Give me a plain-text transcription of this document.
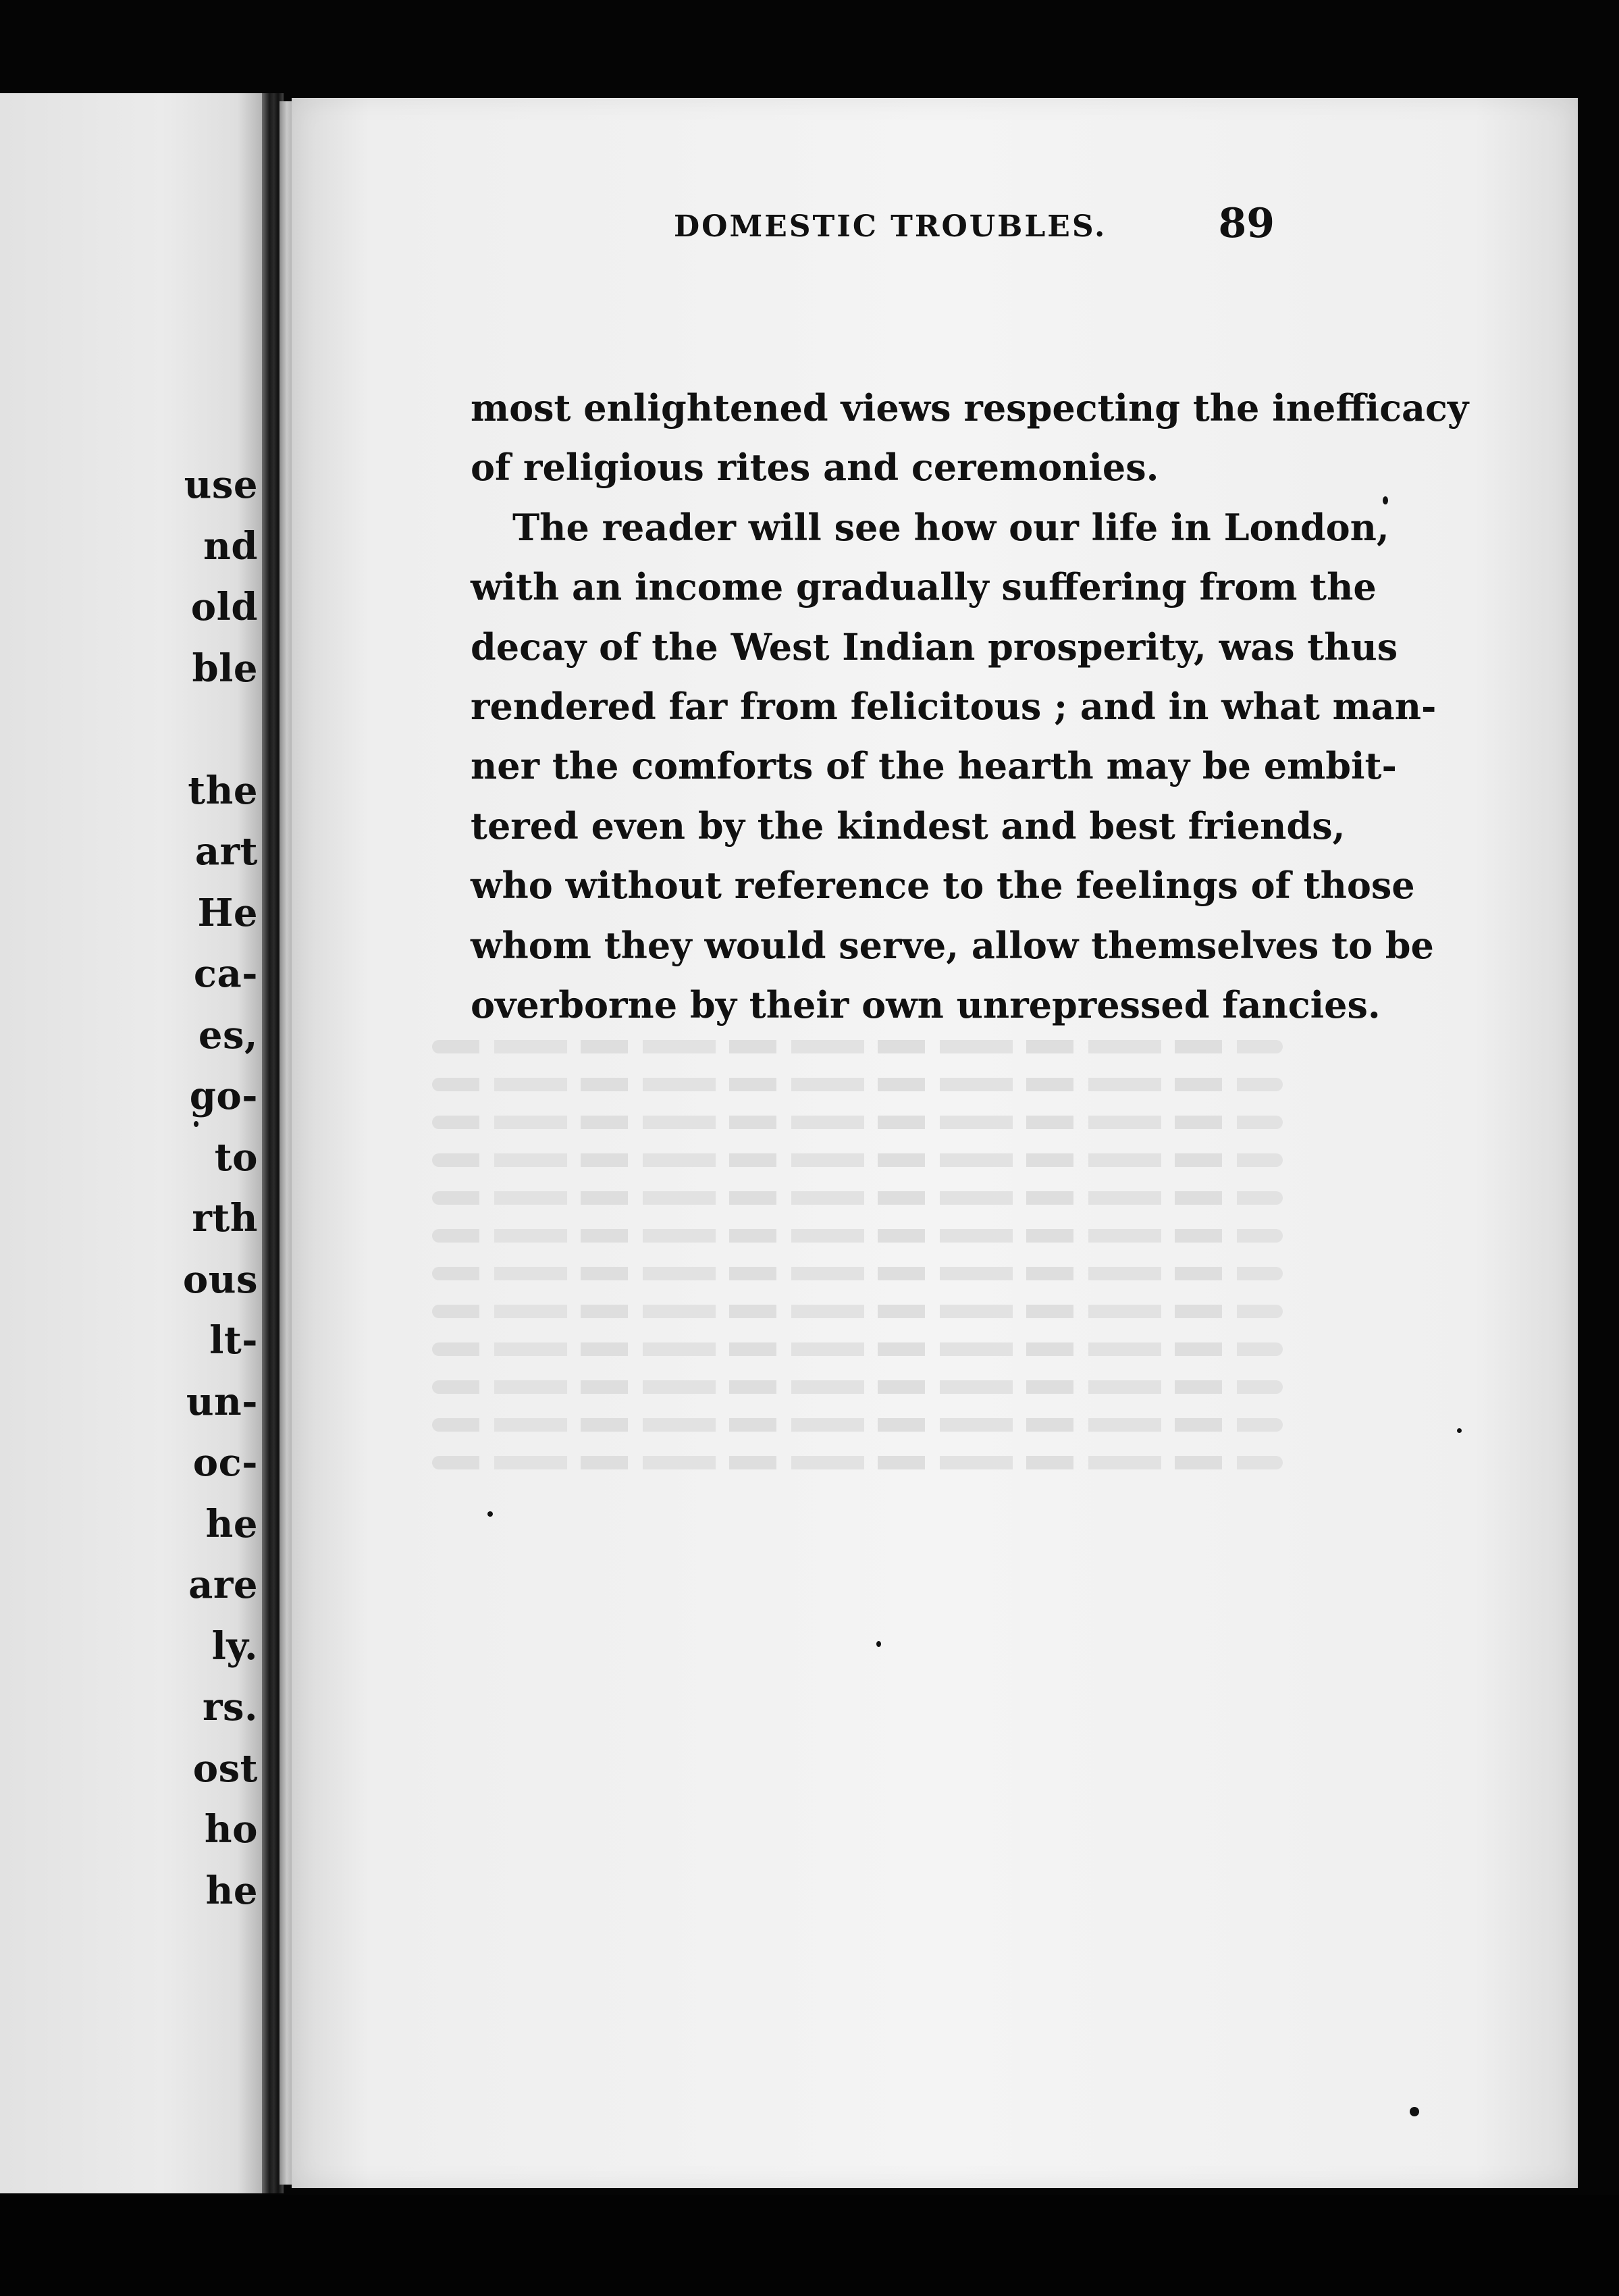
use
nd
old
ble
the
art
He
ca-
es,
go-
to
rth
ous
lt-
un-
oc-
he
are
ly.
rs.
ost
ho
he
DOMESTIC TROUBLES.	89
most enlightened views respecting the inefficacy
of religious rites and ceremonies.
The reader will see how our life in London,
with an income gradually suffering from the
decay of the West Indian prosperity, was thus
rendered far from felicitous ; and in what man-
ner the comforts of the hearth may be embit-
tered even by the kindest and best friends,
who without reference to the feelings of those
whom they would serve, allow themselves to be
overborne by their own unrepressed fancies.
